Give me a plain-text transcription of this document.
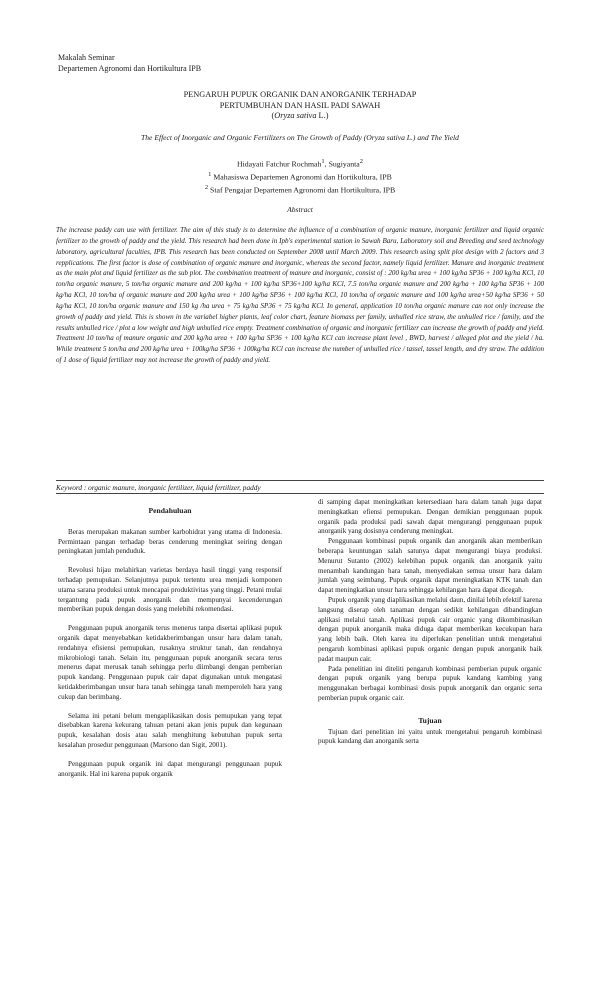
Makalah Seminar
Departemen Agronomi dan Hortikultura IPB
PENGARUH PUPUK ORGANIK DAN ANORGANIK TERHADAP
PERTUMBUHAN DAN HASIL PADI SAWAH
(Oryza sativa L.)
The Effect of Inorganic and Organic Fertilizers on The Growth of Paddy (Oryza sativa L.) and The Yield
Hidayati Fatchur Rochmah$^1$, Sugiyanta$^2$
$^1$ Mahasiswa Departemen Agronomi dan Hortikultura, IPB
$^2$ Staf Pengajar Departemen Agronomi dan Hortikultura, IPB
Abstract
The increase paddy can use with fertilizer. The aim of this study is to determine the influence of a combination of organic manure, inorganic fertilizer and liquid organic fertilizer to the growth of paddy and the yield. This research had been done in Ipb's experimental station in Sawah Baru, Laboratory soil and Breeding and seed technology laboratory, agricultural faculties, IPB. This research has been conducted on September 2008 until March 2009. This research using split plot design with 2 factors and 3 repplications. The first factor is dose of combination of organic manure and inorganic, whereas the second factor, namely liquid fertilizer. Manure and inorganic treatment as the main plot and liquid fertilizer as the sub plot. The combination treatment of manure and inorganic, consist of : 200 kg/ha urea + 100 kg/ha SP36 + 100 kg/ha KCl, 10 ton/ha organic manure, 5 ton/ha organic manure and 200 kg/ha + 100 kg/ha SP36+100 kg/ha KCl, 7.5 ton/ha organic manure and 200 kg/ha + 100 kg/ha SP36 + 100 kg/ha KCl, 10 ton/ha of organic manure and 200 kg/ha urea + 100 kg/ha SP36 + 100 kg/ha KCl, 10 ton/ha of organic manure and 100 kg/ha urea+50 kg/ha SP36 + 50 kg/ha KCl, 10 ton/ha organic manure and 150 kg /ha urea + 75 kg/ha SP36 + 75 kg/ha KCl. In general, application 10 ton/ha organic manure can not only increase the growth of paddy and yield. This is shown in the variabel higher plants, leaf color chart, feature biomass per family, unhulled rice straw, the unhulled rice / family, and the results unhulled rice / plot a low weight and high unhulled rice empty. Treatment combination of organic and inorganic fertilizer can increase the growth of paddy and yield. Treatment 10 ton/ha of manure organic and 200 kg/ha urea + 100 kg/ha SP36 + 100 kg/ha KCl can increase plant level , BWD, harvest / alleged plot and the yield / ha. While treatment 5 ton/ha and 200 kg/ha urea + 100kg/ha SP36 + 100kg/ha KCl can increase the number of unhulled rice / tassel, tassel length, and dry straw. The addition of 1 dose of liquid fertilizer may not increase the growth of paddy and yield.
Keyword : organic manure, inorganic fertilizer, liquid fertilizer, paddy
Pendahuluan

Beras merupakan makanan sumber karbohidrat yang utama di Indonesia. Permintaan pangan terhadap beras cenderung meningkat seiring dengan peningkatan jumlah penduduk.

Revolusi hijau melahirkan varietas berdaya hasil tinggi yang responsif terhadap pemupukan. Selanjutnya pupuk tertentu urea menjadi komponen utama sarana produksi untuk mencapai produktivitas yang tinggi. Petani mulai tergantung pada pupuk anorganik dan mempunyai kecenderungan memberikan pupuk dengan dosis yang melebihi rekomendasi.

Penggunaan pupuk anorganik terus menerus tanpa disertai aplikasi pupuk organik dapat menyebabkan ketidakberimbangan unsur hara dalam tanah, rendahnya efisiensi pemupukan, rusaknya struktur tanah, dan rendahnya mikrobiologi tanah. Selain itu, penggunaan pupuk anorganik secara terus menerus dapat merusak tanah sehingga perlu diimbangi dengan pemberian pupuk kandang. Penggunaan pupuk cair dapat digunakan untuk mengatasi ketidakberimbangan unsur hara tanah sehingga tanah memperoleh hara yang cukup dan berimbang.

Selama ini petani belum mengaplikasikan dosis pemupukan yang tepat disebabkan karena kekurang tahuan petani akan jenis pupuk dan kegunaan pupuk, kesalahan dosis atau salah menghitung kebutuhan pupuk serta kesalahan prosedur penggunaan (Marsono dan Sigit, 2001).

Penggunaan pupuk organik ini dapat mengurangi penggunaan pupuk anorganik. Hal ini karena pupuk organik

di samping dapat meningkatkan ketersediaan hara dalam tanah juga dapat meningkatkan efiensi pemupukan. Dengan demikian penggunaan pupuk organik pada produksi padi sawah dapat mengurangi penggunaan pupuk anorganik yang dosisnya cenderung meningkat.

Penggunaan kombinasi pupuk organik dan anorganik akan memberikan beberapa keuntungan salah satunya dapat mengurangi biaya produksi. Menurut Sutanto (2002) kelebihan pupuk organik dan anorganik yaitu menambah kandungan hara tanah, menyediakan semua unsur hara dalam jumlah yang seimbang. Pupuk organik dapat meningkatkan KTK tanah dan dapat meningkatkan unsur hara sehingga kehilangan hara dapat dicegah.

Pupuk organik yang diaplikasikan melalui daun, dinilai lebih efektif karena langsung diserap oleh tanaman dengan sedikit kehilangan dibandingkan aplikasi melalui tanah. Aplikasi pupuk cair organic yang dikombinasikan dengan pupuk anorganik maka diduga dapat memberikan kecukupan hara yang lebih baik. Oleh karea itu diperlukan penelitian untuk mengetahui pengaruh kombinasi aplikasi pupuk organic dengan pupuk anorganik baik padat maupun cair.

Pada penelitian ini diteliti pengaruh kombinasi pemberian pupuk organic dengan pupuk organik yang berupa pupuk kandang kambing yang menggunakan berbagai kombinasi dosis pupuk anorganik dan organic serta pemberian pupuk organic cair.

Tujuan

Tujuan dari penelitian ini yaitu untuk mengetahui pengaruh kombinasi pupuk kandang dan anorganik serta
